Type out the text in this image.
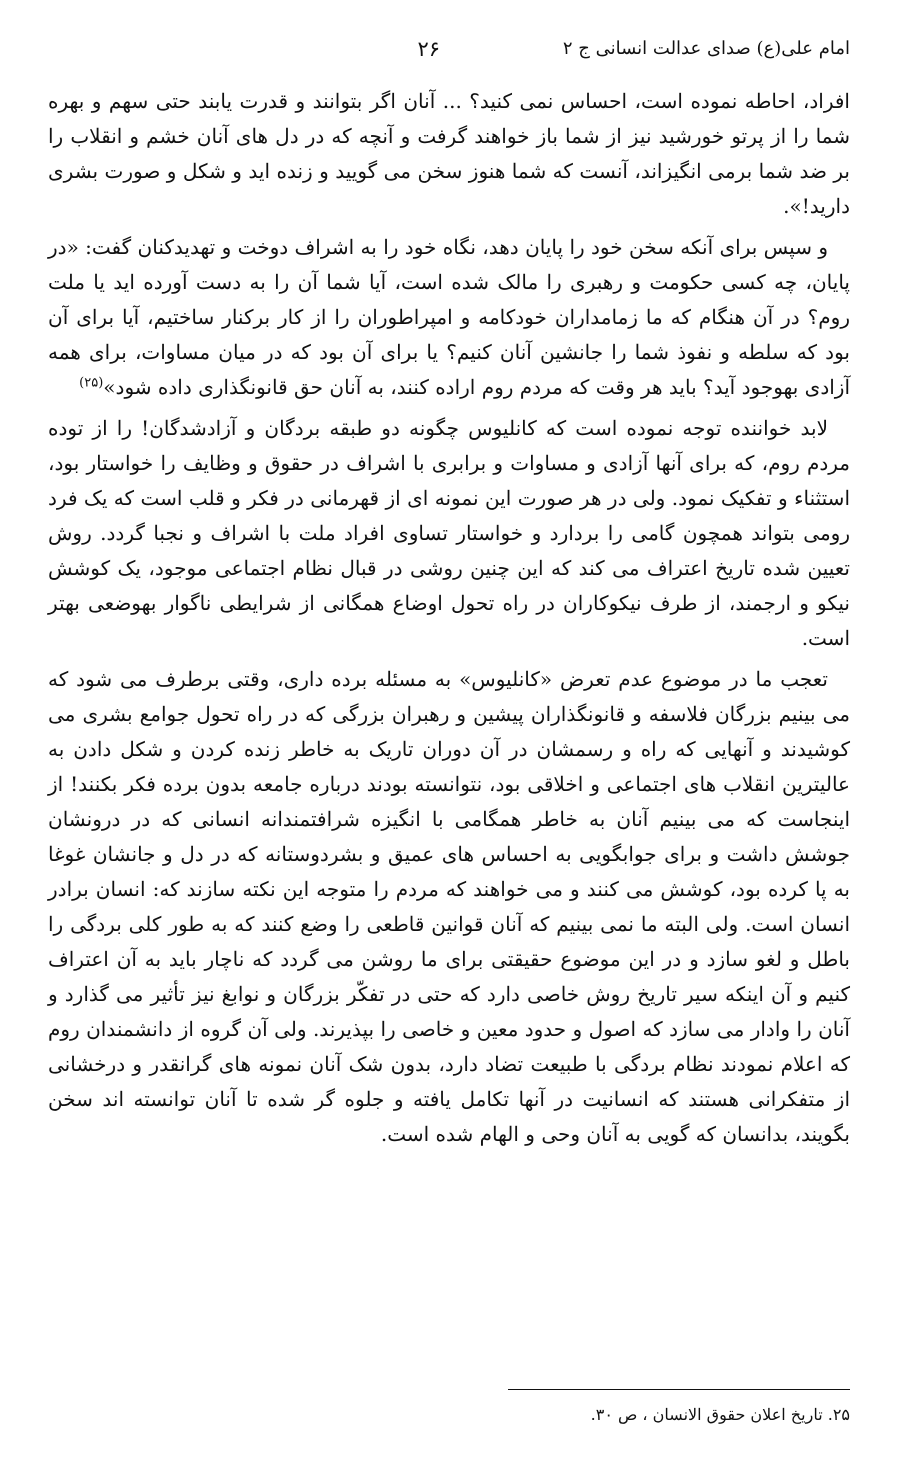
امام علی(ع) صدای عدالت انسانی ج ۲
۲۶

افراد، احاطه نموده است، احساس نمی کنید؟ ... آنان اگر بتوانند و قدرت یابند حتی سهم و بهره شما را از پرتو خورشید نیز از شما باز خواهند گرفت و آنچه که در دل های آنان خشم و انقلاب را بر ضد شما برمی انگیزاند، آنست که شما هنوز سخن می گویید و زنده اید و شکل و صورت بشری دارید!».

و سپس برای آنکه سخن خود را پایان دهد، نگاه خود را به اشراف دوخت و تهدیدکنان گفت: «در پایان، چه کسی حکومت و رهبری را مالک شده است، آیا شما آن را به دست آورده اید یا ملت روم؟ در آن هنگام که ما زمامداران خودکامه و امپراطوران را از کار برکنار ساختیم، آیا برای آن بود که سلطه و نفوذ شما را جانشین آنان کنیم؟ یا برای آن بود که در میان مساوات، برای همه آزادی بهوجود آید؟ باید هر وقت که مردم روم اراده کنند، به آنان حق قانونگذاری داده شود»$^{(۲۵)}$

لابد خواننده توجه نموده است که کانلیوس چگونه دو طبقه بردگان و آزادشدگان! را از توده مردم روم، که برای آنها آزادی و مساوات و برابری با اشراف در حقوق و وظایف را خواستار بود، استثناء و تفکیک نمود. ولی در هر صورت این نمونه ای از قهرمانی در فکر و قلب است که یک فرد رومی بتواند همچون گامی را بردارد و خواستار تساوی افراد ملت با اشراف و نجبا گردد. روش تعیین شده تاریخ اعتراف می کند که این چنین روشی در قبال نظام اجتماعی موجود، یک کوشش نیکو و ارجمند، از طرف نیکوکاران در راه تحول اوضاع همگانی از شرایطی ناگوار بهوضعی بهتر است.

تعجب ما در موضوع عدم تعرض «کانلیوس» به مسئله برده داری، وقتی برطرف می شود که می بینیم بزرگان فلاسفه و قانونگذاران پیشین و رهبران بزرگی که در راه تحول جوامع بشری می کوشیدند و آنهایی که راه و رسمشان در آن دوران تاریک به خاطر زنده کردن و شکل دادن به عالیترین انقلاب های اجتماعی و اخلاقی بود، نتوانسته بودند درباره جامعه بدون برده فکر بکنند! از اینجاست که می بینیم آنان به خاطر همگامی با انگیزه شرافتمندانه انسانی که در درونشان جوشش داشت و برای جوابگویی به احساس های عمیق و بشردوستانه که در دل و جانشان غوغا به پا کرده بود، کوشش می کنند و می خواهند که مردم را متوجه این نکته سازند که: انسان برادر انسان است. ولی البته ما نمی بینیم که آنان قوانین قاطعی را وضع کنند که به طور کلی بردگی را باطل و لغو سازد و در این موضوع حقیقتی برای ما روشن می گردد که ناچار باید به آن اعتراف کنیم و آن اینکه سیر تاریخ روش خاصی دارد که حتی در تفکّر بزرگان و نوابغ نیز تأثیر می گذارد و آنان را وادار می سازد که اصول و حدود معین و خاصی را بپذیرند. ولی آن گروه از دانشمندان روم که اعلام نمودند نظام بردگی با طبیعت تضاد دارد، بدون شک آنان نمونه های گرانقدر و درخشانی از متفکرانی هستند که انسانیت در آنها تکامل یافته و جلوه گر شده تا آنان توانسته اند سخن بگویند، بدانسان که گویی به آنان وحی و الهام شده است.

۲۵. تاریخ اعلان حقوق الانسان ، ص ۳۰.
